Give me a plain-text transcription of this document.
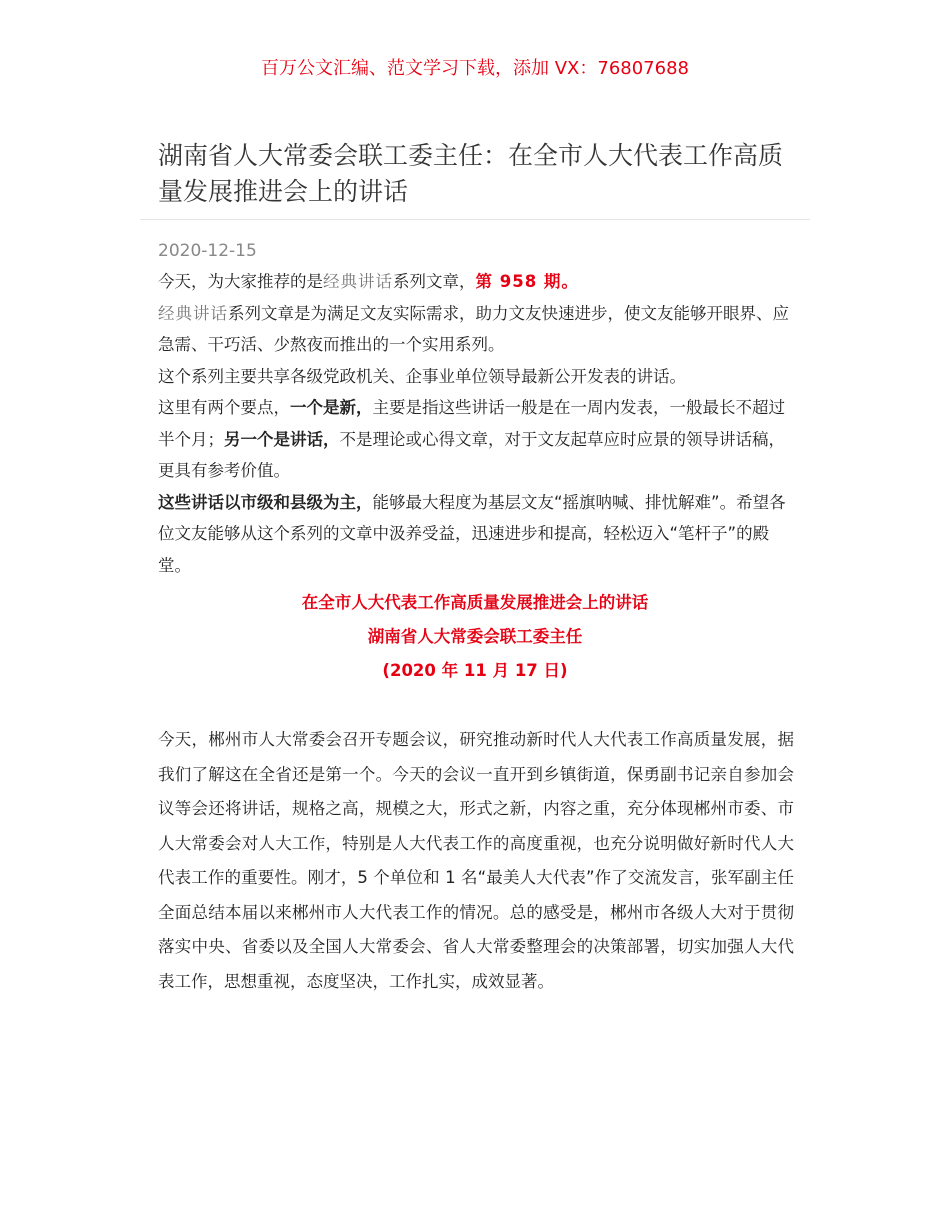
百万公文汇编、范文学习下载，添加 VX：76807688
湖南省人大常委会联工委主任：在全市人大代表工作高质量发展推进会上的讲话
2020-12-15

今天，为大家推荐的是经典讲话系列文章，第 958 期。

经典讲话系列文章是为满足文友实际需求，助力文友快速进步，使文友能够开眼界、应急需、干巧活、少熬夜而推出的一个实用系列。

这个系列主要共享各级党政机关、企事业单位领导最新公开发表的讲话。

这里有两个要点，一个是新，主要是指这些讲话一般是在一周内发表，一般最长不超过半个月；另一个是讲话，不是理论或心得文章，对于文友起草应时应景的领导讲话稿，更具有参考价值。

这些讲话以市级和县级为主，能够最大程度为基层文友“摇旗呐喊、排忧解难”。希望各位文友能够从这个系列的文章中汲养受益，迅速进步和提高，轻松迈入“笔杆子”的殿堂。

在全市人大代表工作高质量发展推进会上的讲话
湖南省人大常委会联工委主任
(2020 年 11 月 17 日)

今天，郴州市人大常委会召开专题会议，研究推动新时代人大代表工作高质量发展，据我们了解这在全省还是第一个。今天的会议一直开到乡镇街道，保勇副书记亲自参加会议等会还将讲话，规格之高，规模之大，形式之新，内容之重，充分体现郴州市委、市人大常委会对人大工作，特别是人大代表工作的高度重视，也充分说明做好新时代人大代表工作的重要性。刚才，5 个单位和 1 名“最美人大代表”作了交流发言，张军副主任全面总结本届以来郴州市人大代表工作的情况。总的感受是，郴州市各级人大对于贯彻落实中央、省委以及全国人大常委会、省人大常委整理会的决策部署，切实加强人大代表工作，思想重视，态度坚决，工作扎实，成效显著。
